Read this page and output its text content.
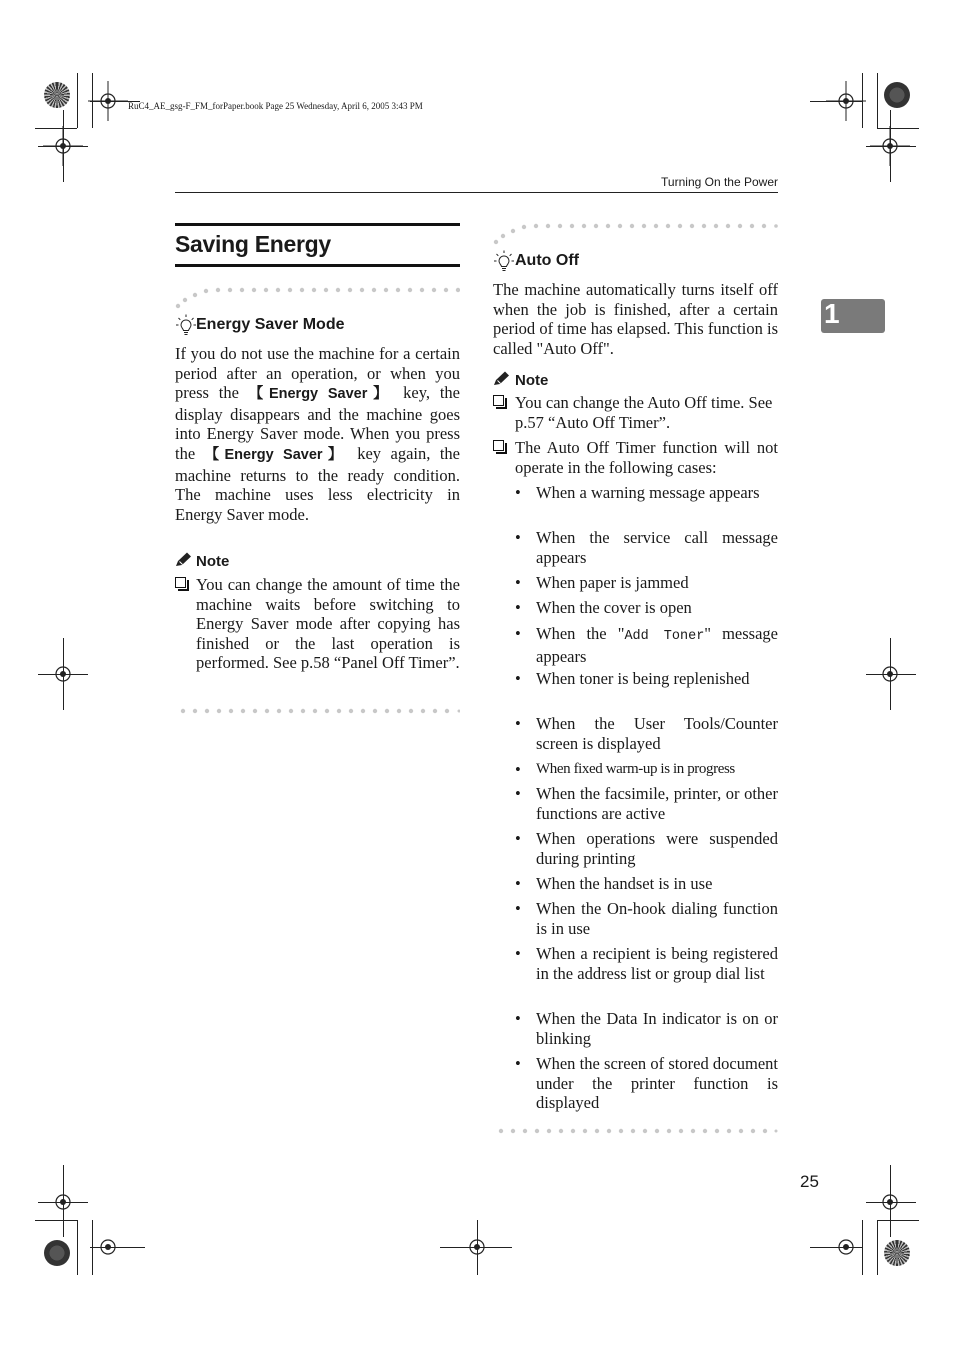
RuC4_AE_gsg-F_FM_forPaper.book Page 25 Wednesday, April 6, 2005 3:43 PM
Turning On the Power
1
Saving Energy
Energy Saver Mode

If you do not use the machine for a certain period after an operation, or when you press the 【Energy Saver】 key, the display disappears and the machine goes into Energy Saver mode. When you press the 【Energy Saver】 key again, the machine returns to the ready condition. The machine uses less electricity in Energy Saver mode.

Note
You can change the amount of time the machine waits before switching to Energy Saver mode after copying has finished or the last operation is performed. See p.58 “Panel Off Timer”.
Auto Off

The machine automatically turns itself off when the job is finished, after a certain period of time has elapsed. This function is called "Auto Off".

Note
You can change the Auto Off time. See p.57 “Auto Off Timer”.
The Auto Off Timer function will not operate in the following cases:
• When a warning message appears
• When the service call message appears
• When paper is jammed
• When the cover is open
• When the "Add Toner" message appears
• When toner is being replenished
• When the User Tools/Counter screen is displayed
• When fixed warm-up is in progress
• When the facsimile, printer, or other functions are active
• When operations were suspended during printing
• When the handset is in use
• When the On-hook dialing function is in use
• When a recipient is being registered in the address list or group dial list
• When the Data In indicator is on or blinking
• When the screen of stored document under the printer function is displayed
25
